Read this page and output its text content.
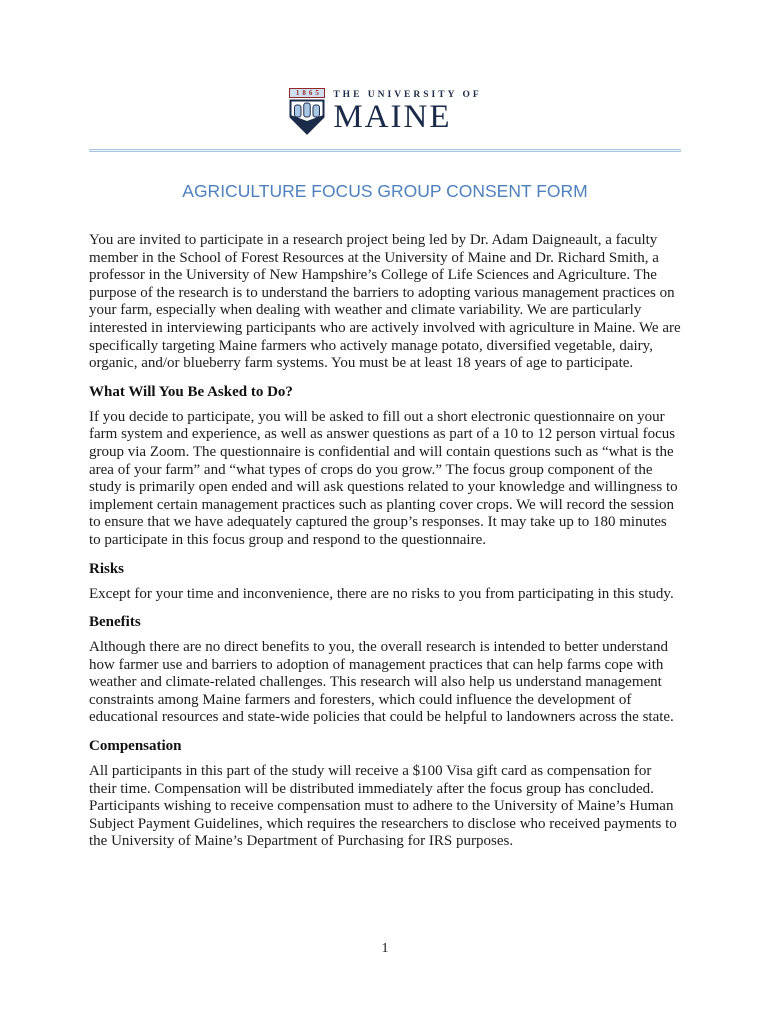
1865	THE UNIVERSITY OF
MAINE
AGRICULTURE FOCUS GROUP CONSENT FORM

You are invited to participate in a research project being led by Dr. Adam Daigneault, a faculty member in the School of Forest Resources at the University of Maine and Dr. Richard Smith, a professor in the University of New Hampshire’s College of Life Sciences and Agriculture. The purpose of the research is to understand the barriers to adopting various management practices on your farm, especially when dealing with weather and climate variability. We are particularly interested in interviewing participants who are actively involved with agriculture in Maine. We are specifically targeting Maine farmers who actively manage potato, diversified vegetable, dairy, organic, and/or blueberry farm systems. You must be at least 18 years of age to participate.

What Will You Be Asked to Do?

If you decide to participate, you will be asked to fill out a short electronic questionnaire on your farm system and experience, as well as answer questions as part of a 10 to 12 person virtual focus group via Zoom. The questionnaire is confidential and will contain questions such as “what is the area of your farm” and “what types of crops do you grow.” The focus group component of the study is primarily open ended and will ask questions related to your knowledge and willingness to implement certain management practices such as planting cover crops. We will record the session to ensure that we have adequately captured the group’s responses. It may take up to 180 minutes to participate in this focus group and respond to the questionnaire.

Risks

Except for your time and inconvenience, there are no risks to you from participating in this study.

Benefits

Although there are no direct benefits to you, the overall research is intended to better understand how farmer use and barriers to adoption of management practices that can help farms cope with weather and climate-related challenges. This research will also help us understand management constraints among Maine farmers and foresters, which could influence the development of educational resources and state-wide policies that could be helpful to landowners across the state.

Compensation

All participants in this part of the study will receive a $100 Visa gift card as compensation for their time. Compensation will be distributed immediately after the focus group has concluded. Participants wishing to receive compensation must to adhere to the University of Maine’s Human Subject Payment Guidelines, which requires the researchers to disclose who received payments to the University of Maine’s Department of Purchasing for IRS purposes.

1
